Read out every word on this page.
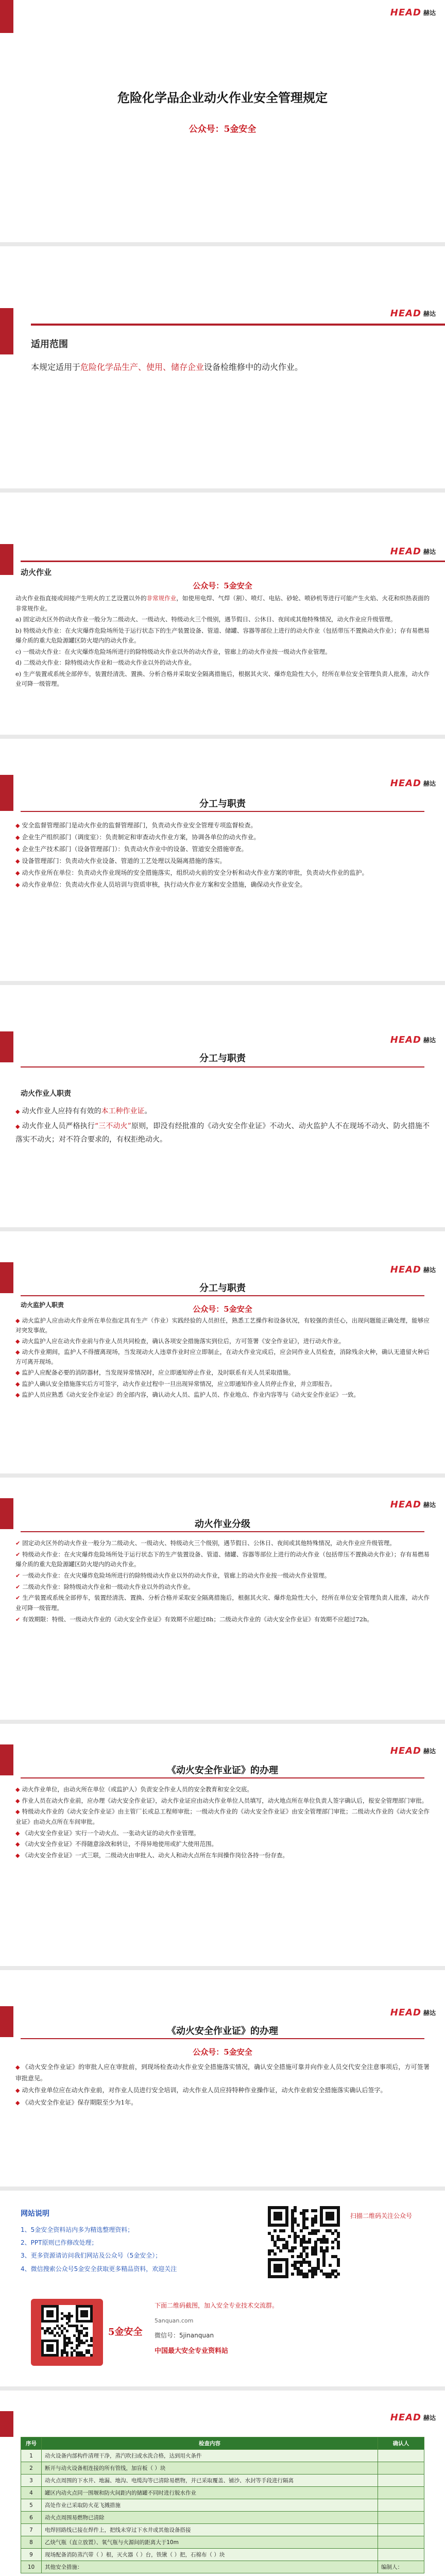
HEAD 赫达
危险化学品企业动火作业安全管理规定
公众号：5金安全
HEAD 赫达
适用范围
本规定适用于危险化学品生产、使用、储存企业设备检维修中的动火作业。
HEAD 赫达
动火作业
公众号：5金安全

动火作业指直接或间接产生明火的工艺设置以外的非常规作业，如使用电焊、气焊（割）、喷灯、电钻、砂轮、喷砂机等进行可能产生火焰、火花和炽热表面的非常规作业。

a) 固定动火区外的动火作业一般分为二级动火、一级动火、特级动火三个级别，遇节假日、公休日、夜间或其他特殊情况，动火作业应升级管理。

b) 特级动火作业：在火灾爆炸危险场所处于运行状态下的生产装置设备、管道、储罐、容器等部位上进行的动火作业（包括带压不置换动火作业）；存有易燃易爆介质的重大危险源罐区防火堤内的动火作业。

c) 一级动火作业：在火灾爆炸危险场所进行的除特级动火作业以外的动火作业，管廊上的动火作业按一级动火作业管理。

d) 二级动火作业：除特级动火作业和一级动火作业以外的动火作业。

e) 生产装置或系统全部停车，装置经清洗、置换、分析合格并采取安全隔离措施后，根据其火灾、爆炸危险性大小，经所在单位安全管理负责人批准，动火作业可降一级管理。

HEAD 赫达
分工与职责

◆ 安全监督管理部门是动火作业的监督管理部门，负责动火作业安全管理专项监督检查。

◆ 企业生产组织部门（调度室）：负责制定和审查动火作业方案，协调各单位的动火作业。

◆ 企业生产技术部门（设备管理部门）：负责动火作业中的设备、管道安全措施审查。

◆ 设备管理部门：负责动火作业设备、管道的工艺处理以及隔离措施的落实。

◆ 动火作业所在单位：负责动火作业现场的安全措施落实，组织动火前的安全分析和动火作业方案的审批，负责动火作业的监护。

◆ 动火作业单位：负责动火作业人员培训与资质审核，执行动火作业方案和安全措施，确保动火作业安全。

HEAD 赫达
分工与职责
动火作业人职责

◆ 动火作业人应持有有效的本工种作业证。

◆ 动火作业人员严格执行“三不动火”原则，即没有经批准的《动火安全作业证》不动火、动火监护人不在现场不动火、防火措施不落实不动火；对不符合要求的，有权拒绝动火。

HEAD 赫达
分工与职责
动火监护人职责	公众号：5金安全

◆ 动火监护人应由动火作业所在单位指定具有生产（作业）实践经验的人员担任，熟悉工艺操作和设备状况，有较强的责任心，出现问题能正确处理，能够应对突发事故。

◆ 动火监护人应在动火作业前与作业人员共同检查，确认各项安全措施落实到位后，方可签署《安全作业证》，进行动火作业。

◆ 动火作业期间，监护人不得擅离现场，当发现动火人违章作业时应立即制止，在动火作业完成后，应会同作业人员检查，消除残余火种，确认无遗留火种后方可离开现场。

◆ 监护人应配备必要的消防器材，当发现异常情况时，应立即通知停止作业，及时联系有关人员采取措施。

◆ 监护人确认安全措施落实后方可签字，动火作业过程中一旦出现异常情况，应立即通知作业人员停止作业，并立即报告。

◆ 监护人员应熟悉《动火安全作业证》的全部内容，确认动火人员、监护人员、作业地点、作业内容等与《动火安全作业证》一致。

HEAD 赫达
动火作业分级

✔ 固定动火区外的动火作业一般分为二级动火、一级动火、特级动火三个级别，遇节假日、公休日、夜间或其他特殊情况，动火作业应升级管理。

✔ 特级动火作业：在火灾爆炸危险场所处于运行状态下的生产装置设备、管道、储罐、容器等部位上进行的动火作业（包括带压不置换动火作业）；存有易燃易爆介质的重大危险源罐区防火堤内的动火作业。

✔ 一级动火作业：在火灾爆炸危险场所进行的除特级动火作业以外的动火作业，管廊上的动火作业按一级动火作业管理。

✔ 二级动火作业：除特级动火作业和一级动火作业以外的动火作业。

✔ 生产装置或系统全部停车，装置经清洗、置换、分析合格并采取安全隔离措施后，根据其火灾、爆炸危险性大小，经所在单位安全管理负责人批准，动火作业可降一级管理。

✔ 有效期限：特级、一级动火作业的《动火安全作业证》有效期不应超过8h；二级动火作业的《动火安全作业证》有效期不应超过72h。

HEAD 赫达
《动火安全作业证》的办理

◆ 动火作业单位，由动火所在单位（或监护人）负责安全作业人员的安全教育和安全交底。

◆ 作业人员在动火作业前，应办理《动火安全作业证》，动火作业证应由动火作业单位人员填写，动火地点所在单位负责人签字确认后，报安全管理部门审批。

◆ 特级动火作业的《动火安全作业证》由主管厂长或总工程师审批；一级动火作业的《动火安全作业证》由安全管理部门审批；二级动火作业的《动火安全作业证》由动火点所在车间审批。

◆ 《动火安全作业证》实行一个动火点、一张动火证的动火作业管理。

◆ 《动火安全作业证》不得随意涂改和转让，不得异地使用或扩大使用范围。

◆ 《动火安全作业证》一式三联，二级动火由审批人、动火人和动火点所在车间操作岗位各持一份存查。

HEAD 赫达
《动火安全作业证》的办理
公众号：5金安全

◆ 《动火安全作业证》的审批人应在审批前，到现场检查动火作业安全措施落实情况，确认安全措施可靠并向作业人员交代安全注意事项后，方可签署审批意见。

◆ 动火作业单位应在动火作业前，对作业人员进行安全培训，动火作业人员应持特种作业操作证，动火作业前安全措施落实确认后签字。

◆ 《动火安全作业证》保存期限至少为1年。

网站说明
1、5金安全资料站内多为精选整理资料；
2、PPT原则已作修改处理；
3、更多资源请访问我们网站及公众号（5金安全）；
4、微信搜索公众号5金安全获取更多精品资料，欢迎关注
扫描二维码关注公众号
5金安全
下面二维码截图，加入安全专业技术交流群。
5anquan.com
微信号：5jinanquan
中国最大安全专业资料站
HEAD 赫达
序号	检查内容	确认人
1	动火设备内部构件清理干净，蒸汽吹扫或水洗合格，达到用火条件	
2	断开与动火设备相连接的所有管线，加盲板（ ）块	
3	动火点周围的下水井、地漏、地沟、电缆沟等已清除易燃物，并已采取覆盖、铺沙、水封等手段进行隔离	
4	罐区内动火点同一围堰和防火间距内的储罐不同时进行脱水作业	
5	高处作业已采取防火花飞溅措施	
6	动火点周围易燃物已清除	
7	电焊回路线已接在焊件上，把线未穿过下水井或其他设备搭接	
8	乙炔气瓶（直立放置）、氧气瓶与火源间的距离大于10m	
9	现场配备消防蒸汽带（ ）根，灭火器（ ）台，铁锹（ ）把，石棉布（ ）块	
10	其他安全措施：	编制人：
